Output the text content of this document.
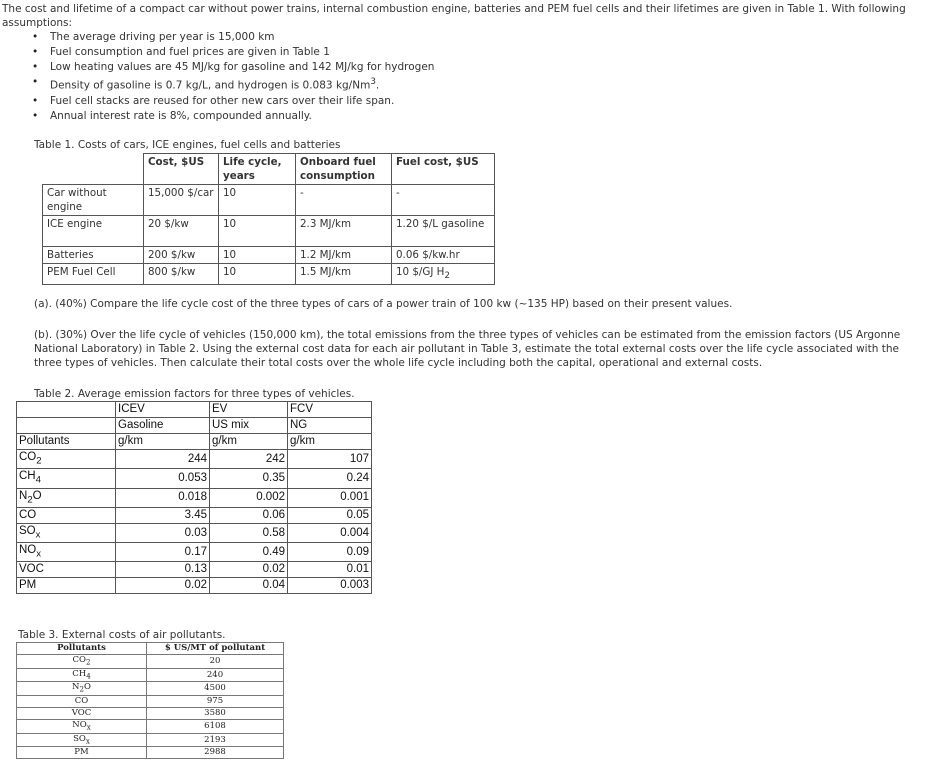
The cost and lifetime of a compact car without power trains, internal combustion engine, batteries and PEM fuel cells and their lifetimes are given in Table 1. With following assumptions:
• The average driving per year is 15,000 km
• Fuel consumption and fuel prices are given in Table 1
• Low heating values are 45 MJ/kg for gasoline and 142 MJ/kg for hydrogen
• Density of gasoline is 0.7 kg/L, and hydrogen is 0.083 kg/Nm$^3$.
• Fuel cell stacks are reused for other new cars over their life span.
• Annual interest rate is 8%, compounded annually.
Table 1. Costs of cars, ICE engines, fuel cells and batteries
	Cost, $US	Life cycle, years	Onboard fuel consumption	Fuel cost, $US
Car without engine	15,000 $/car	10	-	-
ICE engine	20 $/kw	10	2.3 MJ/km	1.20 $/L gasoline
Batteries	200 $/kw	10	1.2 MJ/km	0.06 $/kw.hr
PEM Fuel Cell	800 $/kw	10	1.5 MJ/km	10 $/GJ $H_2$
(a). (40%) Compare the life cycle cost of the three types of cars of a power train of 100 kw (~135 HP) based on their present values.
(b). (30%) Over the life cycle of vehicles (150,000 km), the total emissions from the three types of vehicles can be estimated from the emission factors (US Argonne National Laboratory) in Table 2. Using the external cost data for each air pollutant in Table 3, estimate the total external costs over the life cycle associated with the three types of vehicles. Then calculate their total costs over the whole life cycle including both the capital, operational and external costs.
Table 2. Average emission factors for three types of vehicles.
	ICEV	EV	FCV
	Gasoline	US mix	NG
Pollutants	g/km	g/km	g/km
$CO_2$	244	242	107
$CH_4$	0.053	0.35	0.24
$N_2O$	0.018	0.002	0.001
CO	3.45	0.06	0.05
$SO_x$	0.03	0.58	0.004
$NO_x$	0.17	0.49	0.09
VOC	0.13	0.02	0.01
PM	0.02	0.04	0.003
Table 3. External costs of air pollutants.
Pollutants	$ US/MT of pollutant
$CO_2$	20
$CH_4$	240
$N_2O$	4500
CO	975
VOC	3580
$NO_x$	6108
$SO_x$	2193
PM	2988
